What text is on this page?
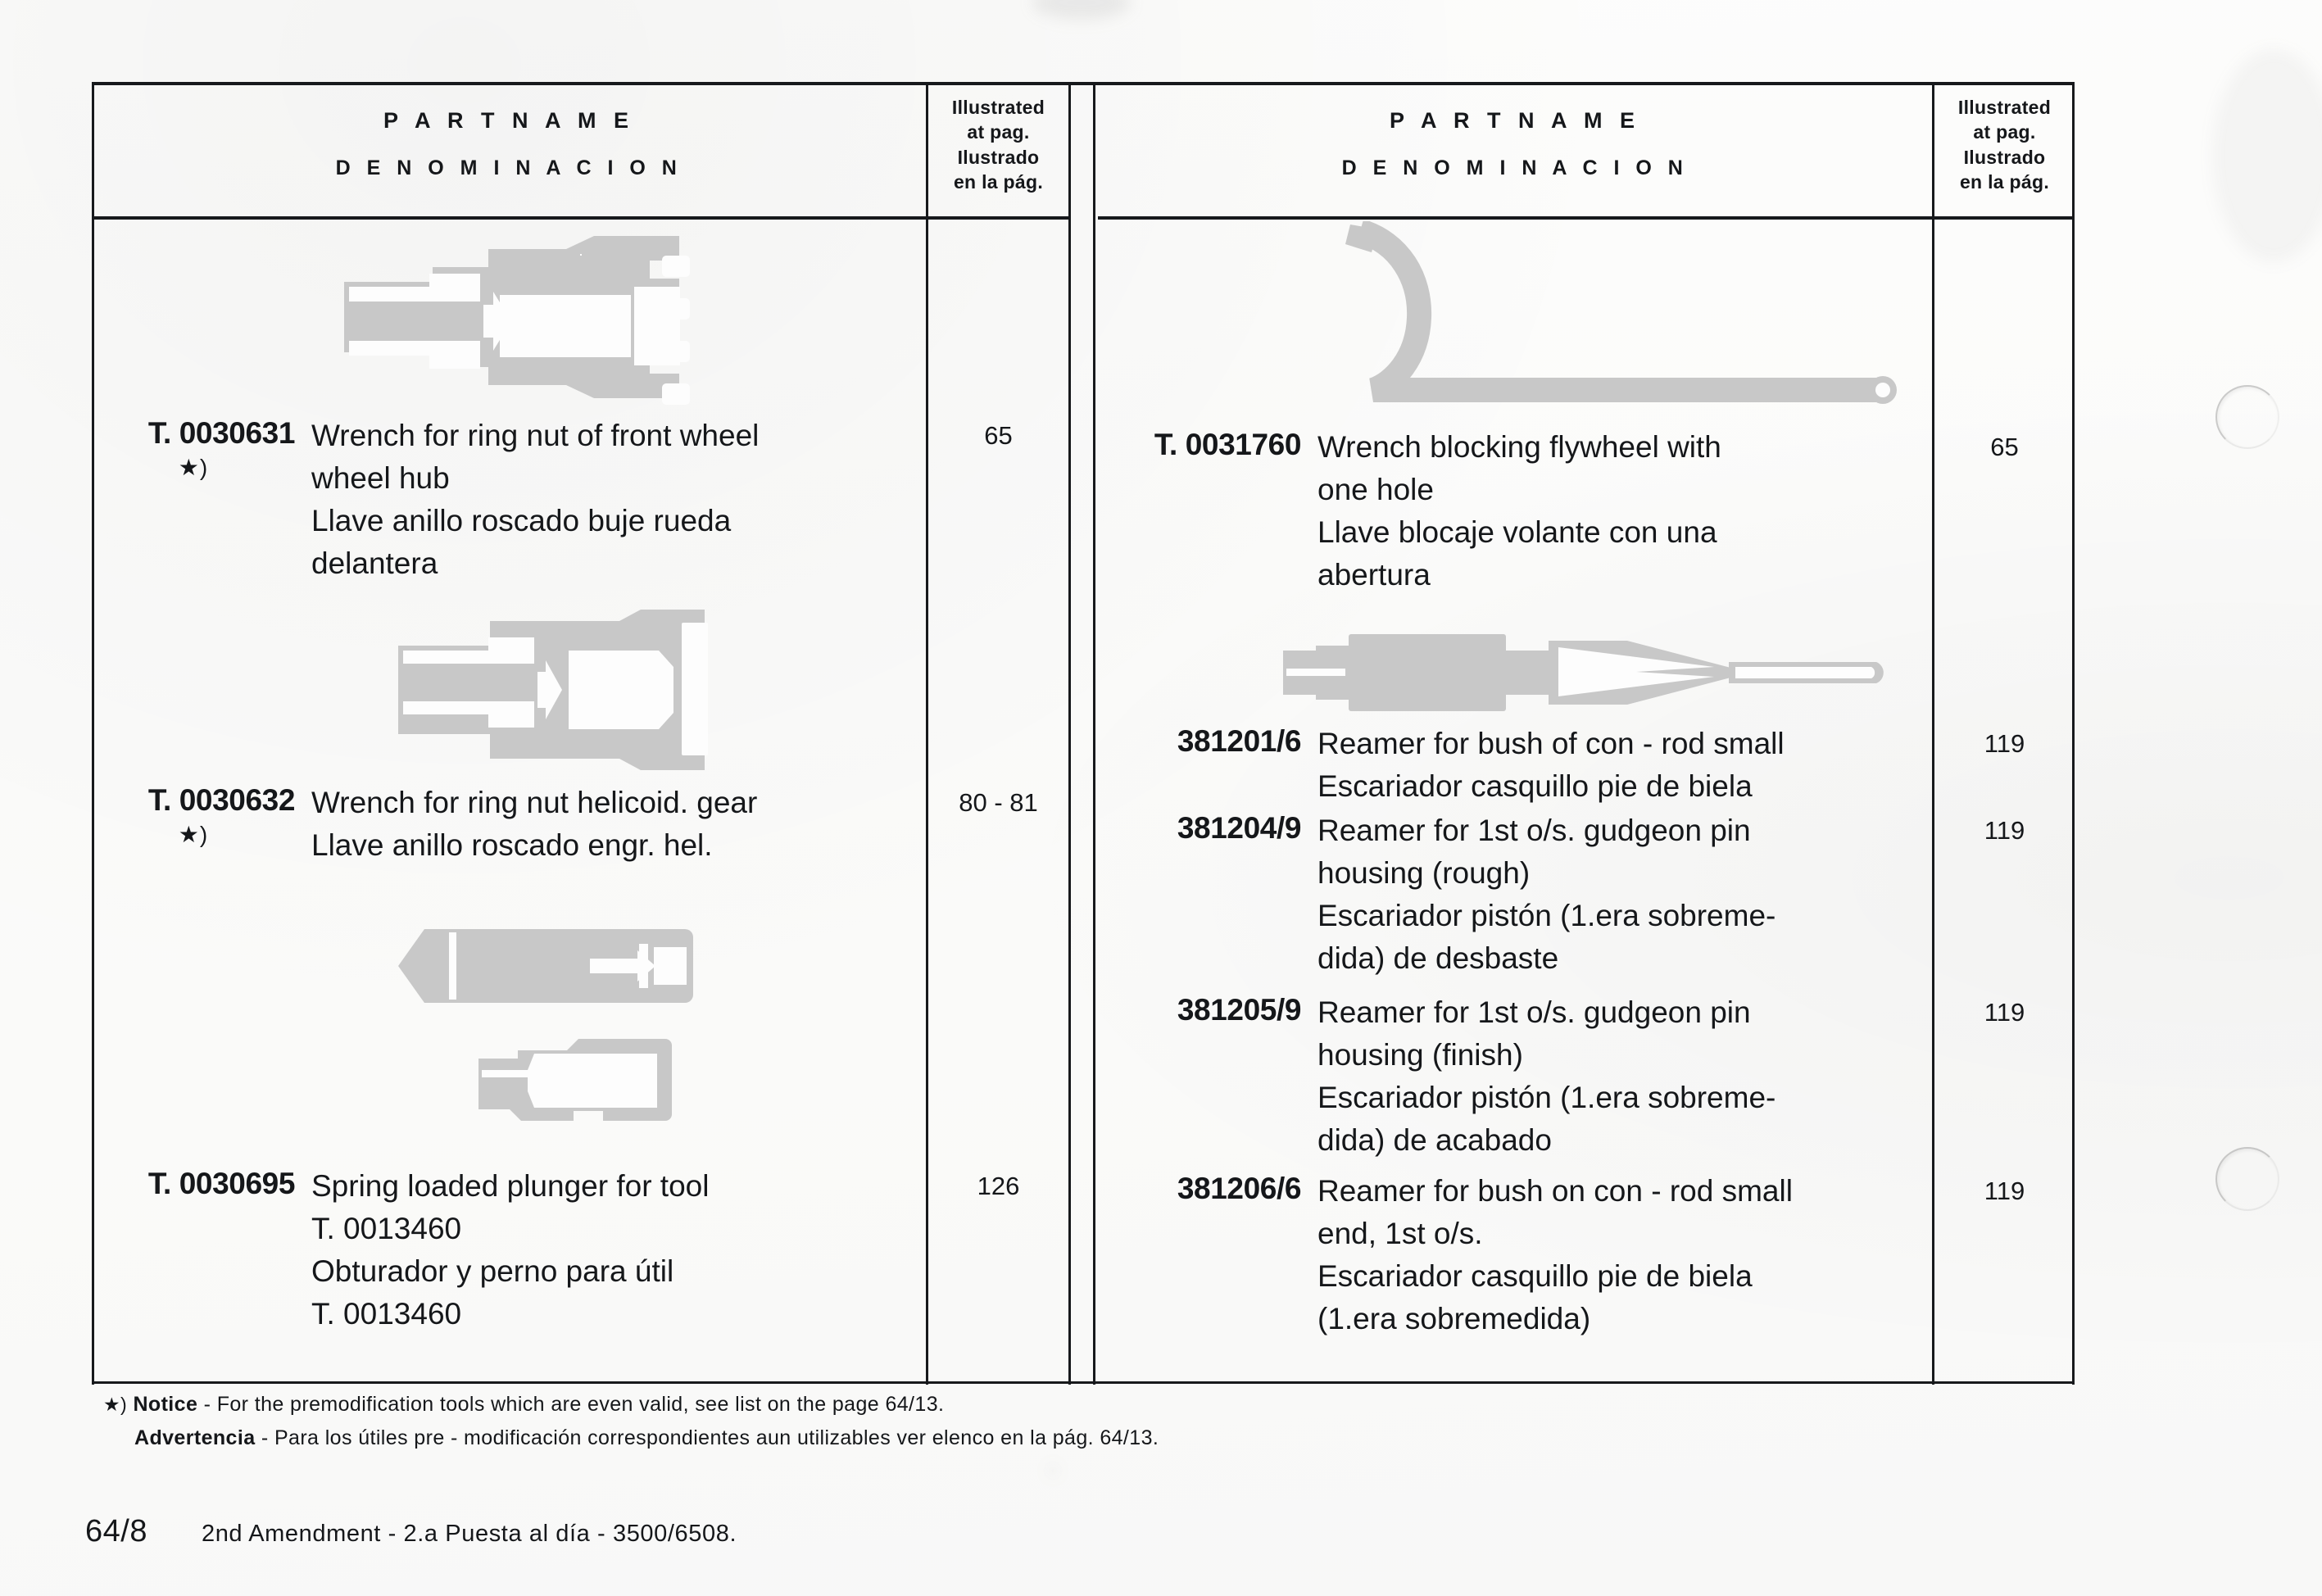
P A R T N A M E
D E N O M I N A C I O N
Illustrated
at pag.
Ilustrado
en la pág.
T. 0030631
★)
Wrench for ring nut of front wheel
wheel hub
Llave anillo roscado buje rueda
delantera
65
T. 0030632
★)
Wrench for ring nut helicoid. gear
Llave anillo roscado engr. hel.
80 - 81
T. 0030695 Spring loaded plunger for tool
T. 0013460
Obturador y perno para útil
T. 0013460
126
P A R T N A M E
D E N O M I N A C I O N
Illustrated
at pag.
Ilustrado
en la pág.
T. 0031760 Wrench blocking flywheel with
one hole
Llave blocaje volante con una
abertura
65
381201/6 Reamer for bush of con - rod small
Escariador casquillo pie de biela
119
381204/9 Reamer for 1st o/s. gudgeon pin
housing (rough)
Escariador pistón (1.era sobreme-
dida) de desbaste
119
381205/9 Reamer for 1st o/s. gudgeon pin
housing (finish)
Escariador pistón (1.era sobreme-
dida) de acabado
119
381206/6 Reamer for bush on con - rod small
end, 1st o/s.
Escariador casquillo pie de biela
(1.era sobremedida)
119
★) Notice - For the premodification tools which are even valid, see list on the page 64/13.
Advertencia - Para los útiles pre - modificación correspondientes aun utilizables ver elenco en la pág. 64/13.
64/8 2nd Amendment - 2.a Puesta al día - 3500/6508.
